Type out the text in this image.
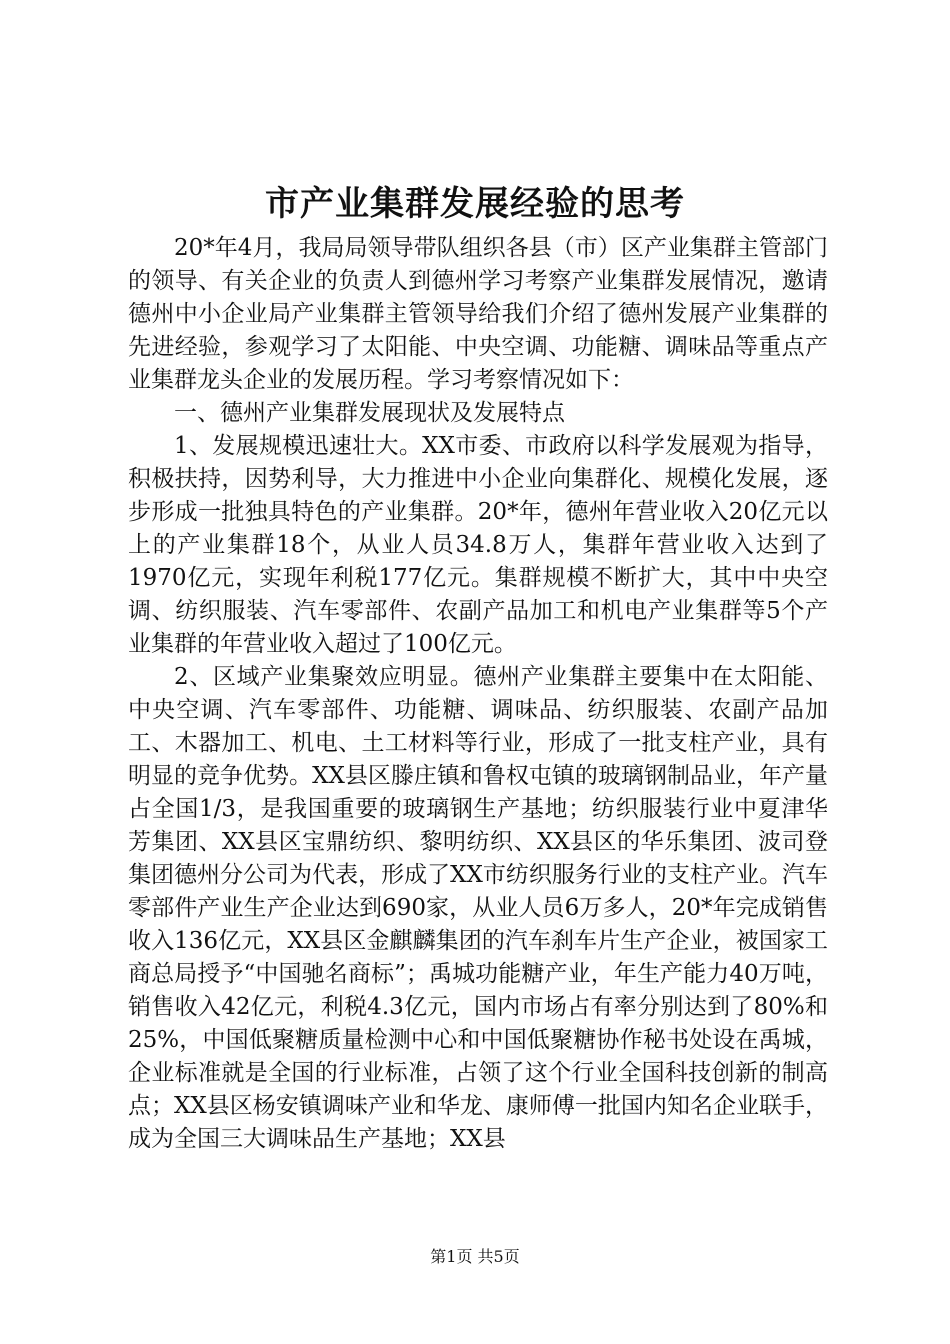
市产业集群发展经验的思考

20*年4月，我局局领导带队组织各县（市）区产业集群主管部门的领导、有关企业的负责人到德州学习考察产业集群发展情况，邀请德州中小企业局产业集群主管领导给我们介绍了德州发展产业集群的先进经验，参观学习了太阳能、中央空调、功能糖、调味品等重点产业集群龙头企业的发展历程。学习考察情况如下：

一、德州产业集群发展现状及发展特点

1、发展规模迅速壮大。XX市委、市政府以科学发展观为指导，积极扶持，因势利导，大力推进中小企业向集群化、规模化发展，逐步形成一批独具特色的产业集群。20*年，德州年营业收入20亿元以上的产业集群18个，从业人员34.8万人，集群年营业收入达到了1970亿元，实现年利税177亿元。集群规模不断扩大，其中中央空调、纺织服装、汽车零部件、农副产品加工和机电产业集群等5个产业集群的年营业收入超过了100亿元。

2、区域产业集聚效应明显。德州产业集群主要集中在太阳能、中央空调、汽车零部件、功能糖、调味品、纺织服装、农副产品加工、木器加工、机电、土工材料等行业，形成了一批支柱产业，具有明显的竞争优势。XX县区滕庄镇和鲁权屯镇的玻璃钢制品业，年产量占全国1/3，是我国重要的玻璃钢生产基地；纺织服装行业中夏津华芳集团、XX县区宝鼎纺织、黎明纺织、XX县区的华乐集团、波司登集团德州分公司为代表，形成了XX市纺织服务行业的支柱产业。汽车零部件产业生产企业达到690家，从业人员6万多人，20*年完成销售收入136亿元，XX县区金麒麟集团的汽车刹车片生产企业，被国家工商总局授予“中国驰名商标”；禹城功能糖产业，年生产能力40万吨，销售收入42亿元，利税4.3亿元，国内市场占有率分别达到了80%和25%，中国低聚糖质量检测中心和中国低聚糖协作秘书处设在禹城，企业标准就是全国的行业标准，占领了这个行业全国科技创新的制高点；XX县区杨安镇调味产业和华龙、康师傅一批国内知名企业联手，成为全国三大调味品生产基地；XX县

第1页 共5页
